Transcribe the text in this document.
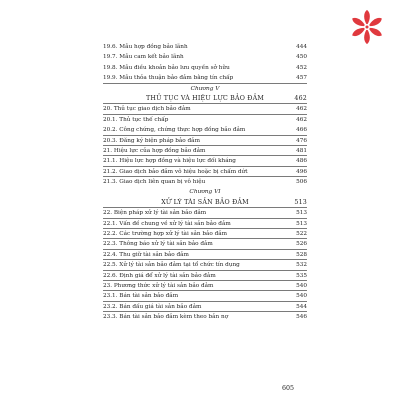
19.6. Mẫu hợp đồng bảo lãnh	444
19.7. Mẫu cam kết bảo lãnh	450
19.8. Mẫu điều khoản bảo lưu quyền sở hữu	452
19.9. Mẫu thỏa thuận bảo đảm bằng tín chấp	457
Chương V
THỦ TỤC VÀ HIỆU LỰC BẢO ĐẢM	462
20. Thủ tục giao dịch bảo đảm	462
20.1. Thủ tục thế chấp	462
20.2. Công chứng, chứng thực hợp đồng bảo đảm	466
20.3. Đăng ký biện pháp bảo đảm	476
21. Hiệu lực của hợp đồng bảo đảm	481
21.1. Hiệu lực hợp đồng và hiệu lực đối kháng	486
21.2. Giao dịch bảo đảm vô hiệu hoặc bị chấm dứt	496
21.3. Giao dịch liên quan bị vô hiệu	506
Chương VI
XỬ LÝ TÀI SẢN BẢO ĐẢM	513
22. Biện pháp xử lý tài sản bảo đảm	513
22.1. Vấn đề chung về xử lý tài sản bảo đảm	513
22.2. Các trường hợp xử lý tài sản bảo đảm	522
22.3. Thông báo xử lý tài sản bảo đảm	526
22.4. Thu giữ tài sản bảo đảm	528
22.5. Xử lý tài sản bảo đảm tại tổ chức tín dụng	532
22.6. Định giá để xử lý tài sản bảo đảm	535
23. Phương thức xử lý tài sản bảo đảm	540
23.1. Bán tài sản bảo đảm	540
23.2. Bán đấu giá tài sản bảo đảm	544
23.3. Bán tài sản bảo đảm kèm theo bản nợ	546
605
